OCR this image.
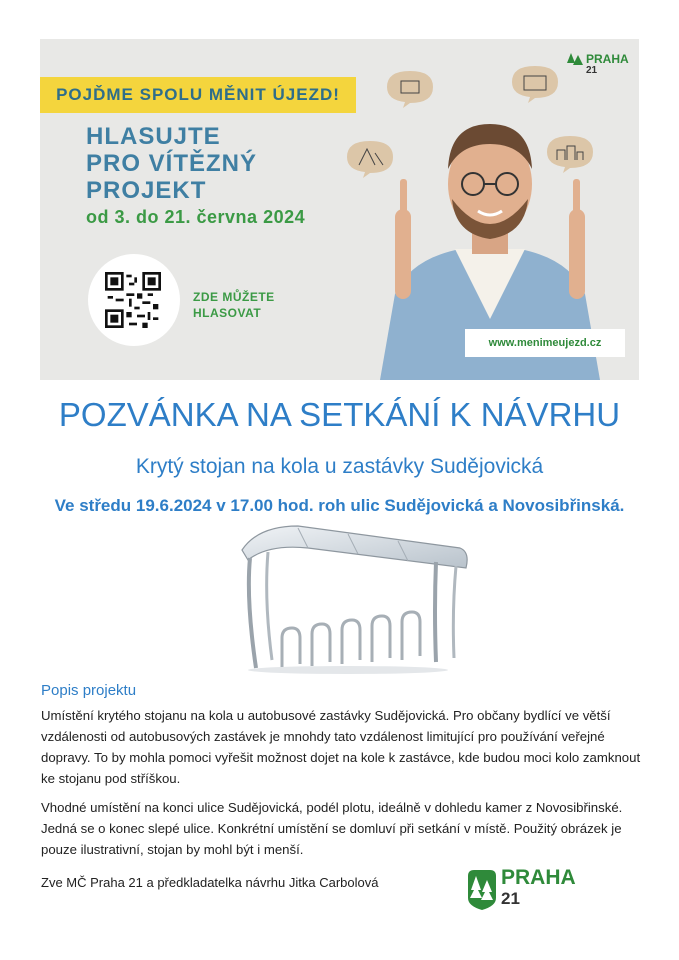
POJĎME SPOLU MĚNIT ÚJEZD!
HLASUJTE
PRO VÍTĚZNÝ
PROJEKT
od 3. do 21. června 2024
ZDE MŮŽETE
HLASOVAT
PRAHA
21
www.menimeujezd.cz
POZVÁNKA NA SETKÁNÍ K NÁVRHU
Krytý stojan na kola u zastávky Sudějovická
Ve středu 19.6.2024 v 17.00 hod. roh ulic Sudějovická a Novosibřinská.
Popis projektu
Umístění krytého stojanu na kola u autobusové zastávky Sudějovická. Pro občany bydlící ve větší vzdálenosti od autobusových zastávek je mnohdy tato vzdálenost limitující pro používání veřejné dopravy. To by mohla pomoci vyřešit možnost dojet na kole k zastávce, kde budou moci kolo zamknout ke stojanu pod stříškou.
Vhodné umístění na konci ulice Sudějovická, podél plotu, ideálně v dohledu kamer z Novosibřinské. Jedná se o konec slepé ulice. Konkrétní umístění se domluví při setkání v místě. Použitý obrázek je pouze ilustrativní, stojan by mohl být i menší.
Zve MČ Praha 21 a předkladatelka návrhu Jitka Carbolová	PRAHA
21
